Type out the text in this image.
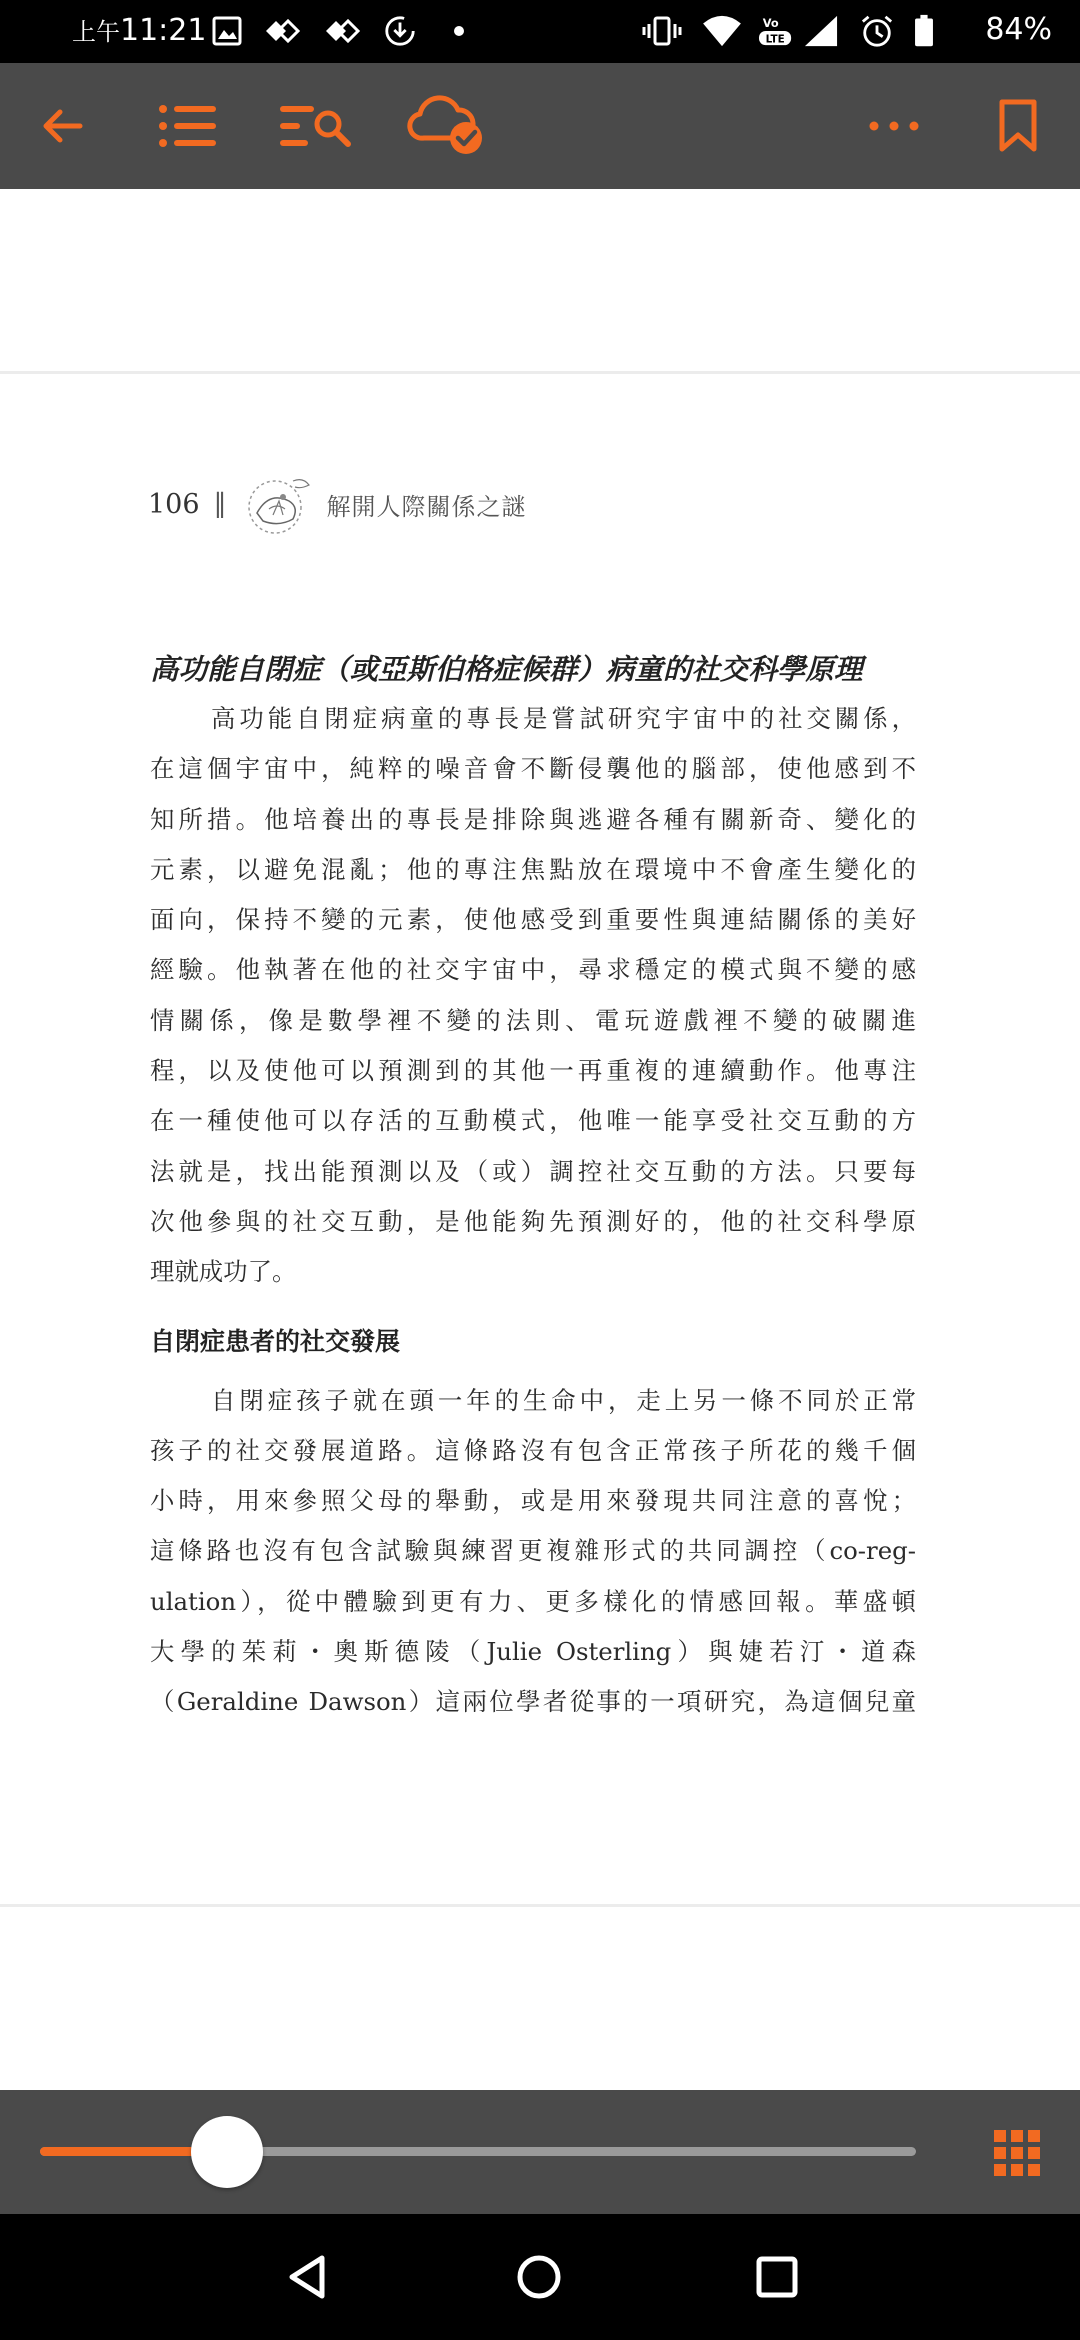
上午11:21	Vo
LTE	84%
106 ‖	解開人際關係之謎
高功能自閉症（或亞斯伯格症候群）病童的社交科學原理

高功能自閉症病童的專長是嘗試研究宇宙中的社交關係，
在這個宇宙中，純粹的噪音會不斷侵襲他的腦部，使他感到不
知所措。他培養出的專長是排除與逃避各種有關新奇、變化的
元素，以避免混亂；他的專注焦點放在環境中不會產生變化的
面向，保持不變的元素，使他感受到重要性與連結關係的美好
經驗。他執著在他的社交宇宙中，尋求穩定的模式與不變的感
情關係，像是數學裡不變的法則、電玩遊戲裡不變的破關進
程，以及使他可以預測到的其他一再重複的連續動作。他專注
在一種使他可以存活的互動模式，他唯一能享受社交互動的方
法就是，找出能預測以及（或）調控社交互動的方法。只要每
次他參與的社交互動，是他能夠先預測好的，他的社交科學原
理就成功了。

自閉症患者的社交發展

自閉症孩子就在頭一年的生命中，走上另一條不同於正常
孩子的社交發展道路。這條路沒有包含正常孩子所花的幾千個
小時，用來參照父母的舉動，或是用來發現共同注意的喜悅；
這條路也沒有包含試驗與練習更複雜形式的共同調控（co-reg-
ulation），從中體驗到更有力、更多樣化的情感回報。華盛頓
大學的茱莉・奧斯德陵（Julie Osterling）與婕若汀・道森
（Geraldine Dawson）這兩位學者從事的一項研究，為這個兒童
